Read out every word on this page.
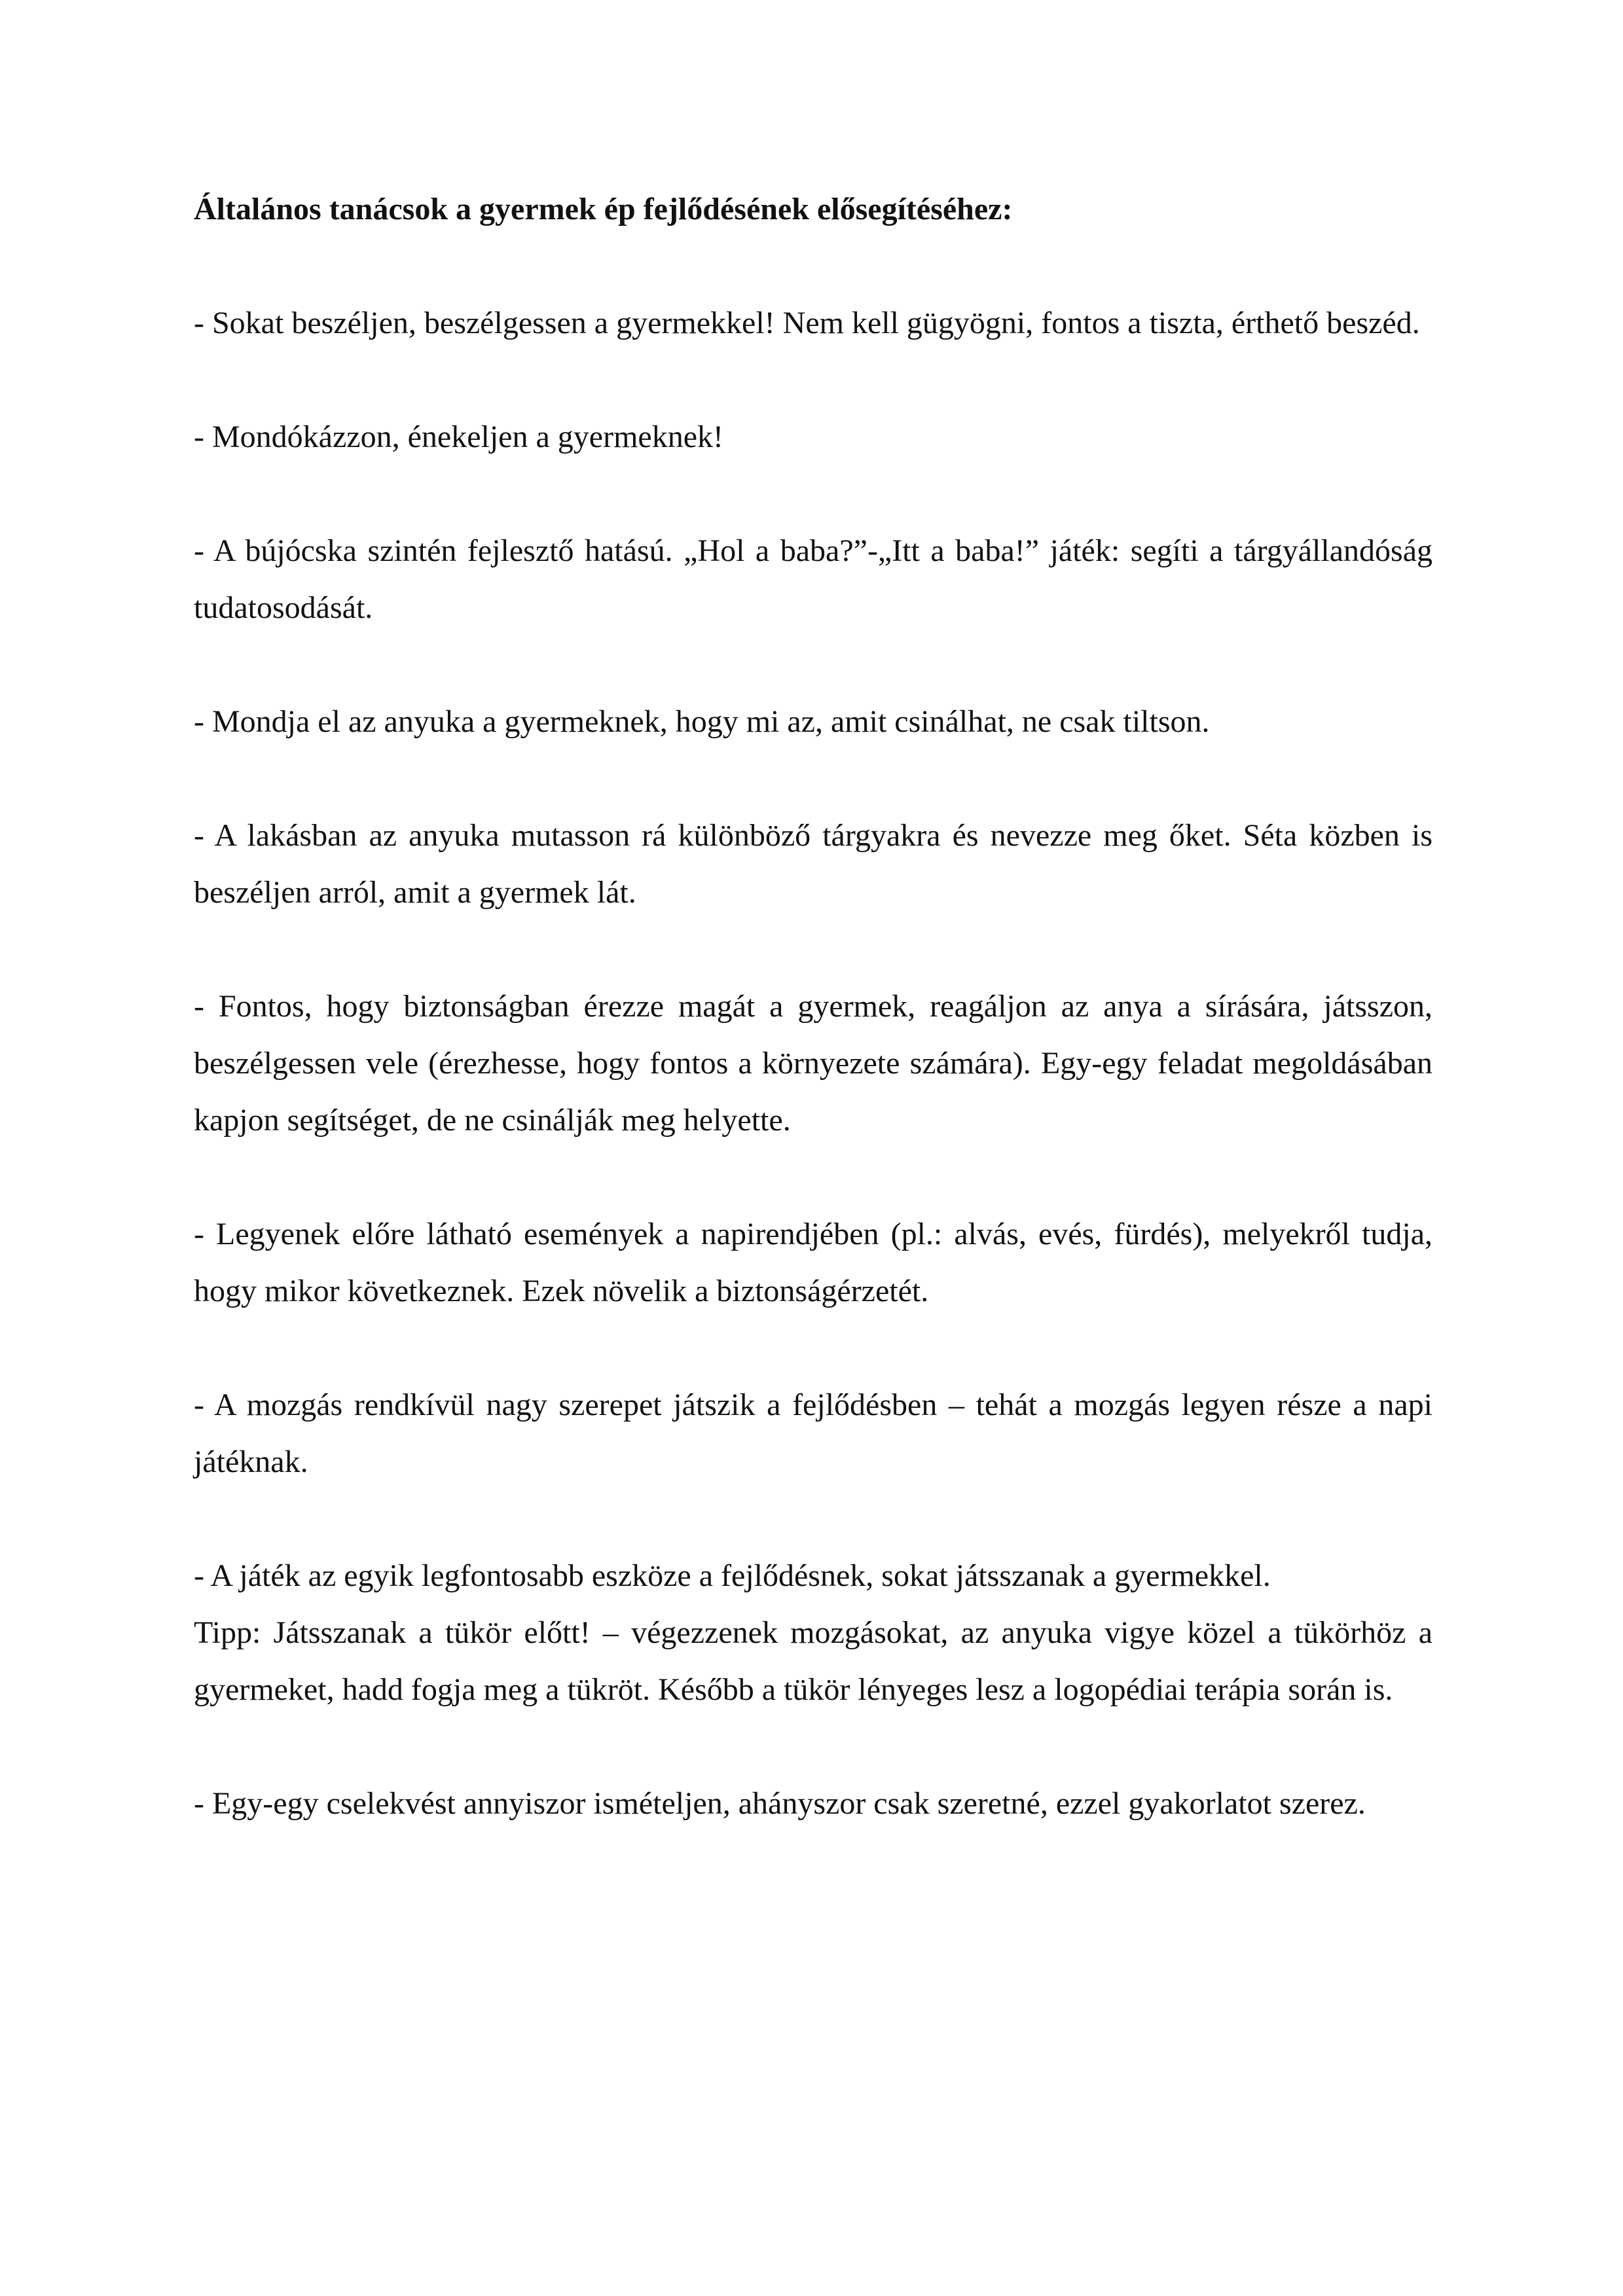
Általános tanácsok a gyermek ép fejlődésének elősegítéséhez:

- Sokat beszéljen, beszélgessen a gyermekkel! Nem kell gügyögni, fontos a tiszta, érthető beszéd.

- Mondókázzon, énekeljen a gyermeknek!

- A bújócska szintén fejlesztő hatású. „Hol a baba?”-„Itt a baba!” játék: segíti a tárgyállandóság tudatosodását.

- Mondja el az anyuka a gyermeknek, hogy mi az, amit csinálhat, ne csak tiltson.

- A lakásban az anyuka mutasson rá különböző tárgyakra és nevezze meg őket. Séta közben is beszéljen arról, amit a gyermek lát.

- Fontos, hogy biztonságban érezze magát a gyermek, reagáljon az anya a sírására, játsszon, beszélgessen vele (érezhesse, hogy fontos a környezete számára). Egy-egy feladat megoldásában kapjon segítséget, de ne csinálják meg helyette.

- Legyenek előre látható események a napirendjében (pl.: alvás, evés, fürdés), melyekről tudja, hogy mikor következnek. Ezek növelik a biztonságérzetét.

- A mozgás rendkívül nagy szerepet játszik a fejlődésben – tehát a mozgás legyen része a napi játéknak.

- A játék az egyik legfontosabb eszköze a fejlődésnek, sokat játsszanak a gyermekkel.

Tipp: Játsszanak a tükör előtt! – végezzenek mozgásokat, az anyuka vigye közel a tükörhöz a gyermeket, hadd fogja meg a tükröt. Később a tükör lényeges lesz a logopédiai terápia során is.

- Egy-egy cselekvést annyiszor ismételjen, ahányszor csak szeretné, ezzel gyakorlatot szerez.
